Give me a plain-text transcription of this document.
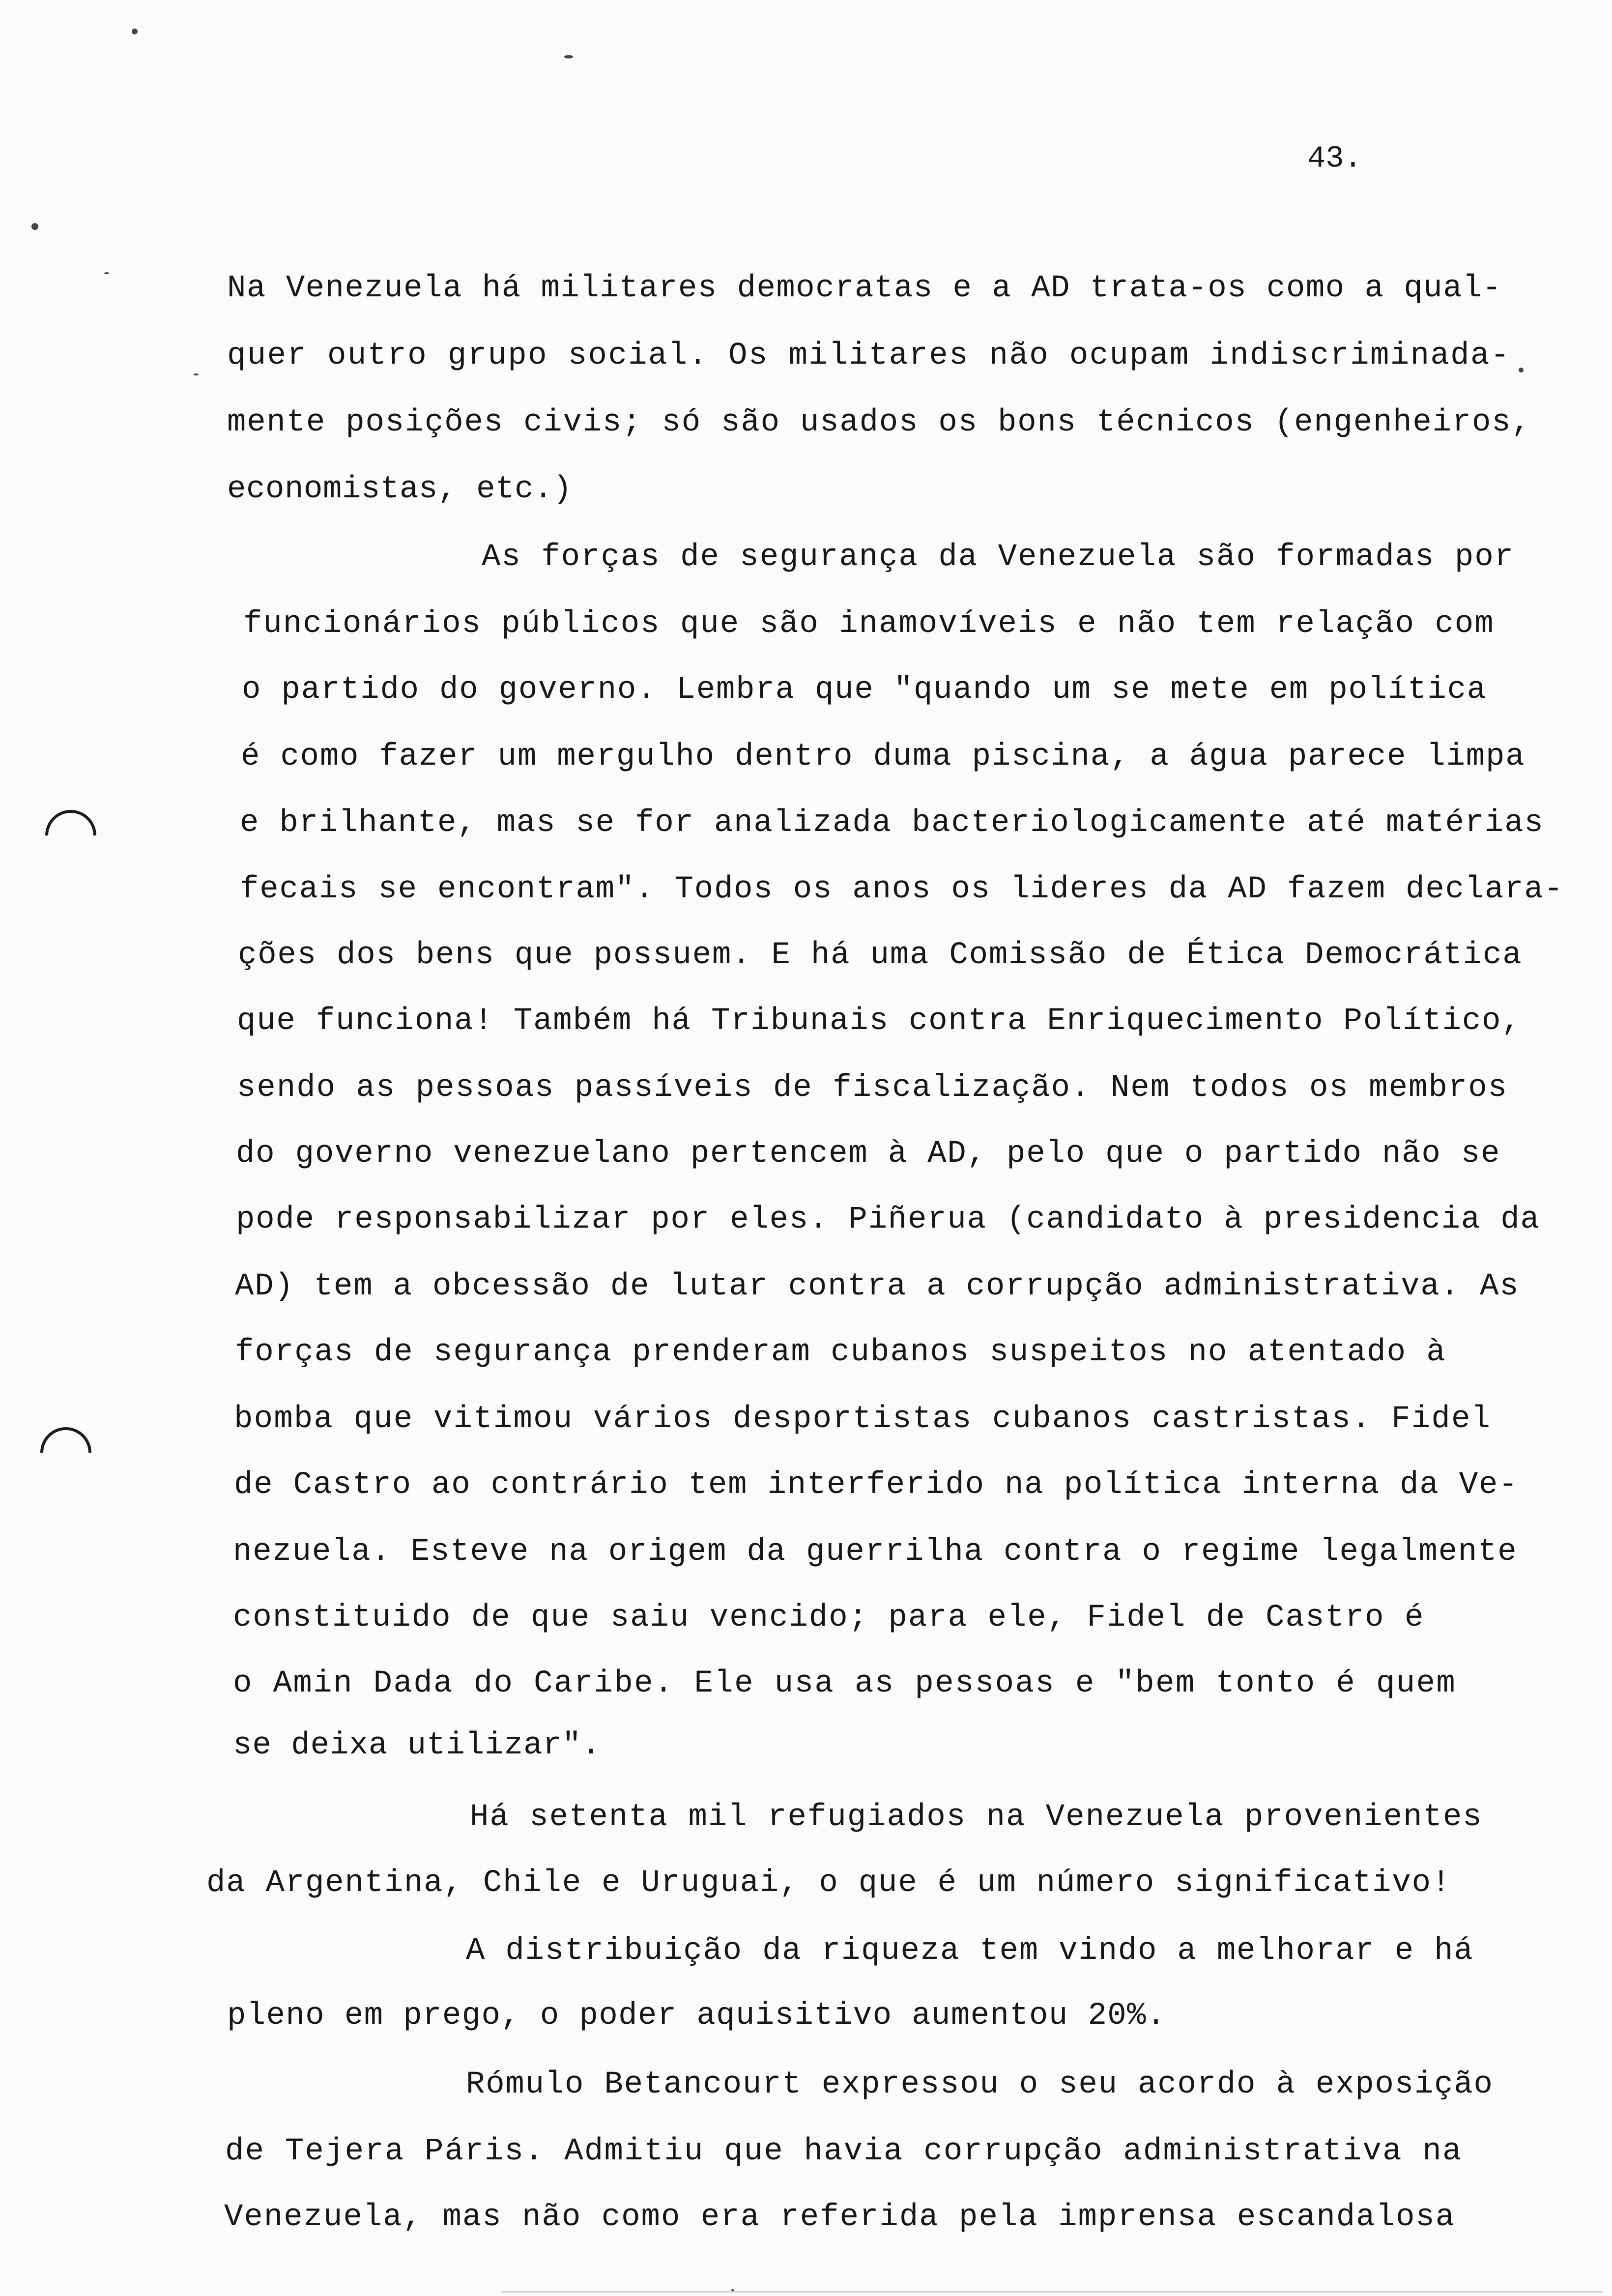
43.
Na Venezuela há militares democratas e a AD trata-os como a qual-
quer outro grupo social. Os militares não ocupam indiscriminada-
mente posições civis; só são usados os bons técnicos (engenheiros,
economistas, etc.)
As forças de segurança da Venezuela são formadas por
funcionários públicos que são inamovíveis e não tem relação com
o partido do governo. Lembra que "quando um se mete em política
é como fazer um mergulho dentro duma piscina, a água parece limpa
e brilhante, mas se for analizada bacteriologicamente até matérias
fecais se encontram". Todos os anos os lideres da AD fazem declara-
ções dos bens que possuem. E há uma Comissão de Ética Democrática
que funciona! Também há Tribunais contra Enriquecimento Político,
sendo as pessoas passíveis de fiscalização. Nem todos os membros
do governo venezuelano pertencem à AD, pelo que o partido não se
pode responsabilizar por eles. Piñerua (candidato à presidencia da
AD) tem a obcessão de lutar contra a corrupção administrativa. As
forças de segurança prenderam cubanos suspeitos no atentado à
bomba que vitimou vários desportistas cubanos castristas. Fidel
de Castro ao contrário tem interferido na política interna da Ve-
nezuela. Esteve na origem da guerrilha contra o regime legalmente
constituido de que saiu vencido; para ele, Fidel de Castro é
o Amin Dada do Caribe. Ele usa as pessoas e "bem tonto é quem
se deixa utilizar".
Há setenta mil refugiados na Venezuela provenientes
da Argentina, Chile e Uruguai, o que é um número significativo!
A distribuição da riqueza tem vindo a melhorar e há
pleno em prego, o poder aquisitivo aumentou 20%.
Rómulo Betancourt expressou o seu acordo à exposição
de Tejera Páris. Admitiu que havia corrupção administrativa na
Venezuela, mas não como era referida pela imprensa escandalosa
